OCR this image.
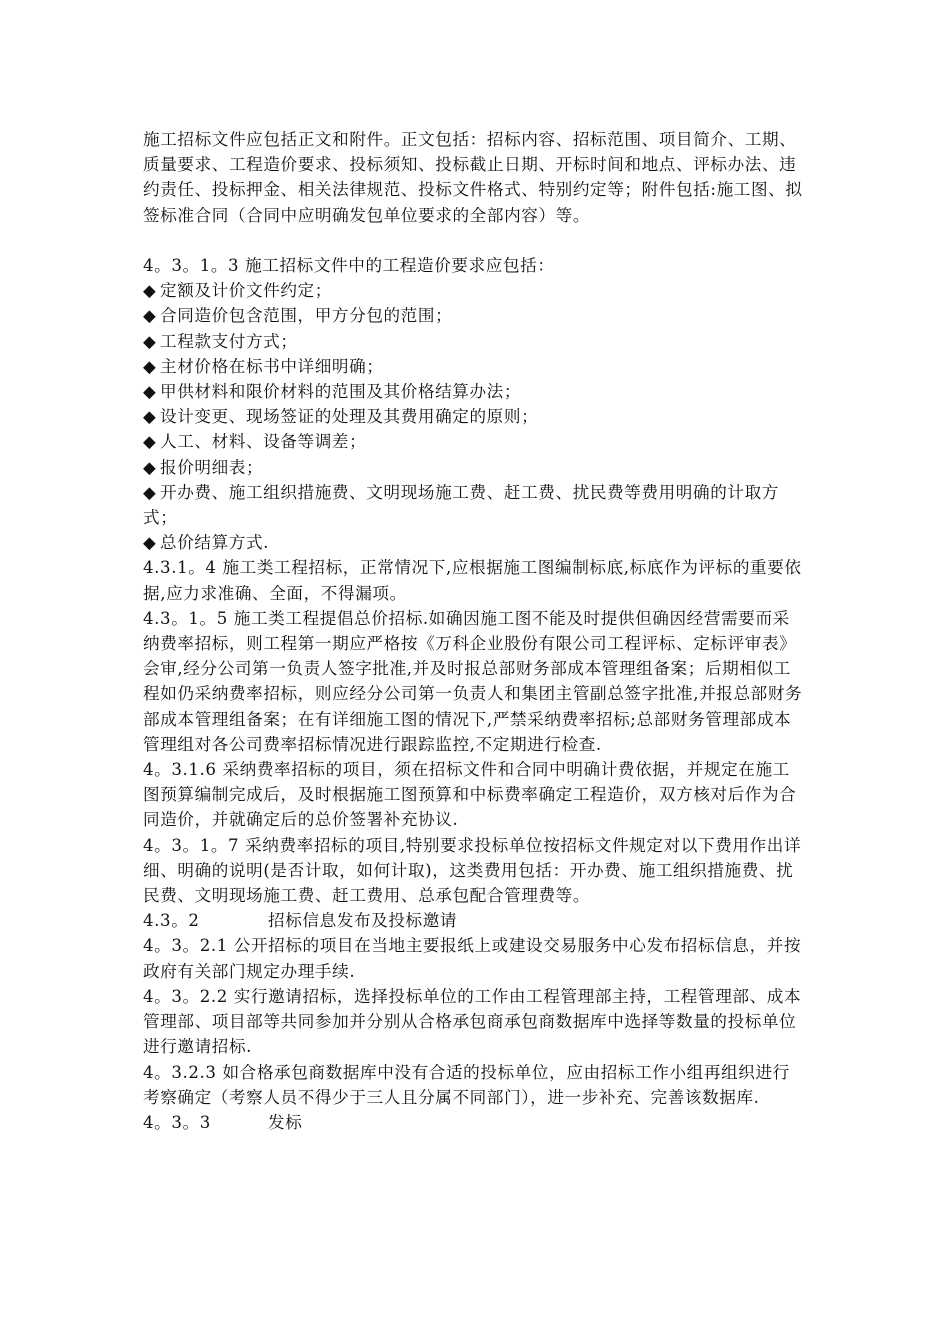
施工招标文件应包括正文和附件。正文包括：招标内容、招标范围、项目简介、工期、质量要求、工程造价要求、投标须知、投标截止日期、开标时间和地点、评标办法、违约责任、投标押金、相关法律规范、投标文件格式、特别约定等；附件包括:施工图、拟签标准合同（合同中应明确发包单位要求的全部内容）等。

4。3。1。3 施工招标文件中的工程造价要求应包括：

◆ 定额及计价文件约定；
◆ 合同造价包含范围，甲方分包的范围；
◆ 工程款支付方式；
◆ 主材价格在标书中详细明确；
◆ 甲供材料和限价材料的范围及其价格结算办法；
◆ 设计变更、现场签证的处理及其费用确定的原则；
◆ 人工、材料、设备等调差；
◆ 报价明细表；
◆ 开办费、施工组织措施费、文明现场施工费、赶工费、扰民费等费用明确的计取方式；
◆ 总价结算方式.

4.3.1。4 施工类工程招标，正常情况下,应根据施工图编制标底,标底作为评标的重要依据,应力求准确、全面，不得漏项。

4.3。1。5 施工类工程提倡总价招标.如确因施工图不能及时提供但确因经营需要而采纳费率招标，则工程第一期应严格按《万科企业股份有限公司工程评标、定标评审表》会审,经分公司第一负责人签字批准,并及时报总部财务部成本管理组备案；后期相似工程如仍采纳费率招标，则应经分公司第一负责人和集团主管副总签字批准,并报总部财务部成本管理组备案；在有详细施工图的情况下,严禁采纳费率招标;总部财务管理部成本管理组对各公司费率招标情况进行跟踪监控,不定期进行检查.

4。3.1.6 采纳费率招标的项目，须在招标文件和合同中明确计费依据，并规定在施工图预算编制完成后，及时根据施工图预算和中标费率确定工程造价，双方核对后作为合同造价，并就确定后的总价签署补充协议.

4。3。1。7 采纳费率招标的项目,特别要求投标单位按招标文件规定对以下费用作出详细、明确的说明(是否计取，如何计取)，这类费用包括：开办费、施工组织措施费、扰民费、文明现场施工费、赶工费用、总承包配合管理费等。

4.3。2	招标信息发布及投标邀请

4。3。2.1 公开招标的项目在当地主要报纸上或建设交易服务中心发布招标信息，并按政府有关部门规定办理手续.

4。3。2.2 实行邀请招标，选择投标单位的工作由工程管理部主持，工程管理部、成本管理部、项目部等共同参加并分别从合格承包商承包商数据库中选择等数量的投标单位进行邀请招标.

4。3.2.3 如合格承包商数据库中没有合适的投标单位，应由招标工作小组再组织进行考察确定（考察人员不得少于三人且分属不同部门），进一步补充、完善该数据库.

4。3。3	发标
